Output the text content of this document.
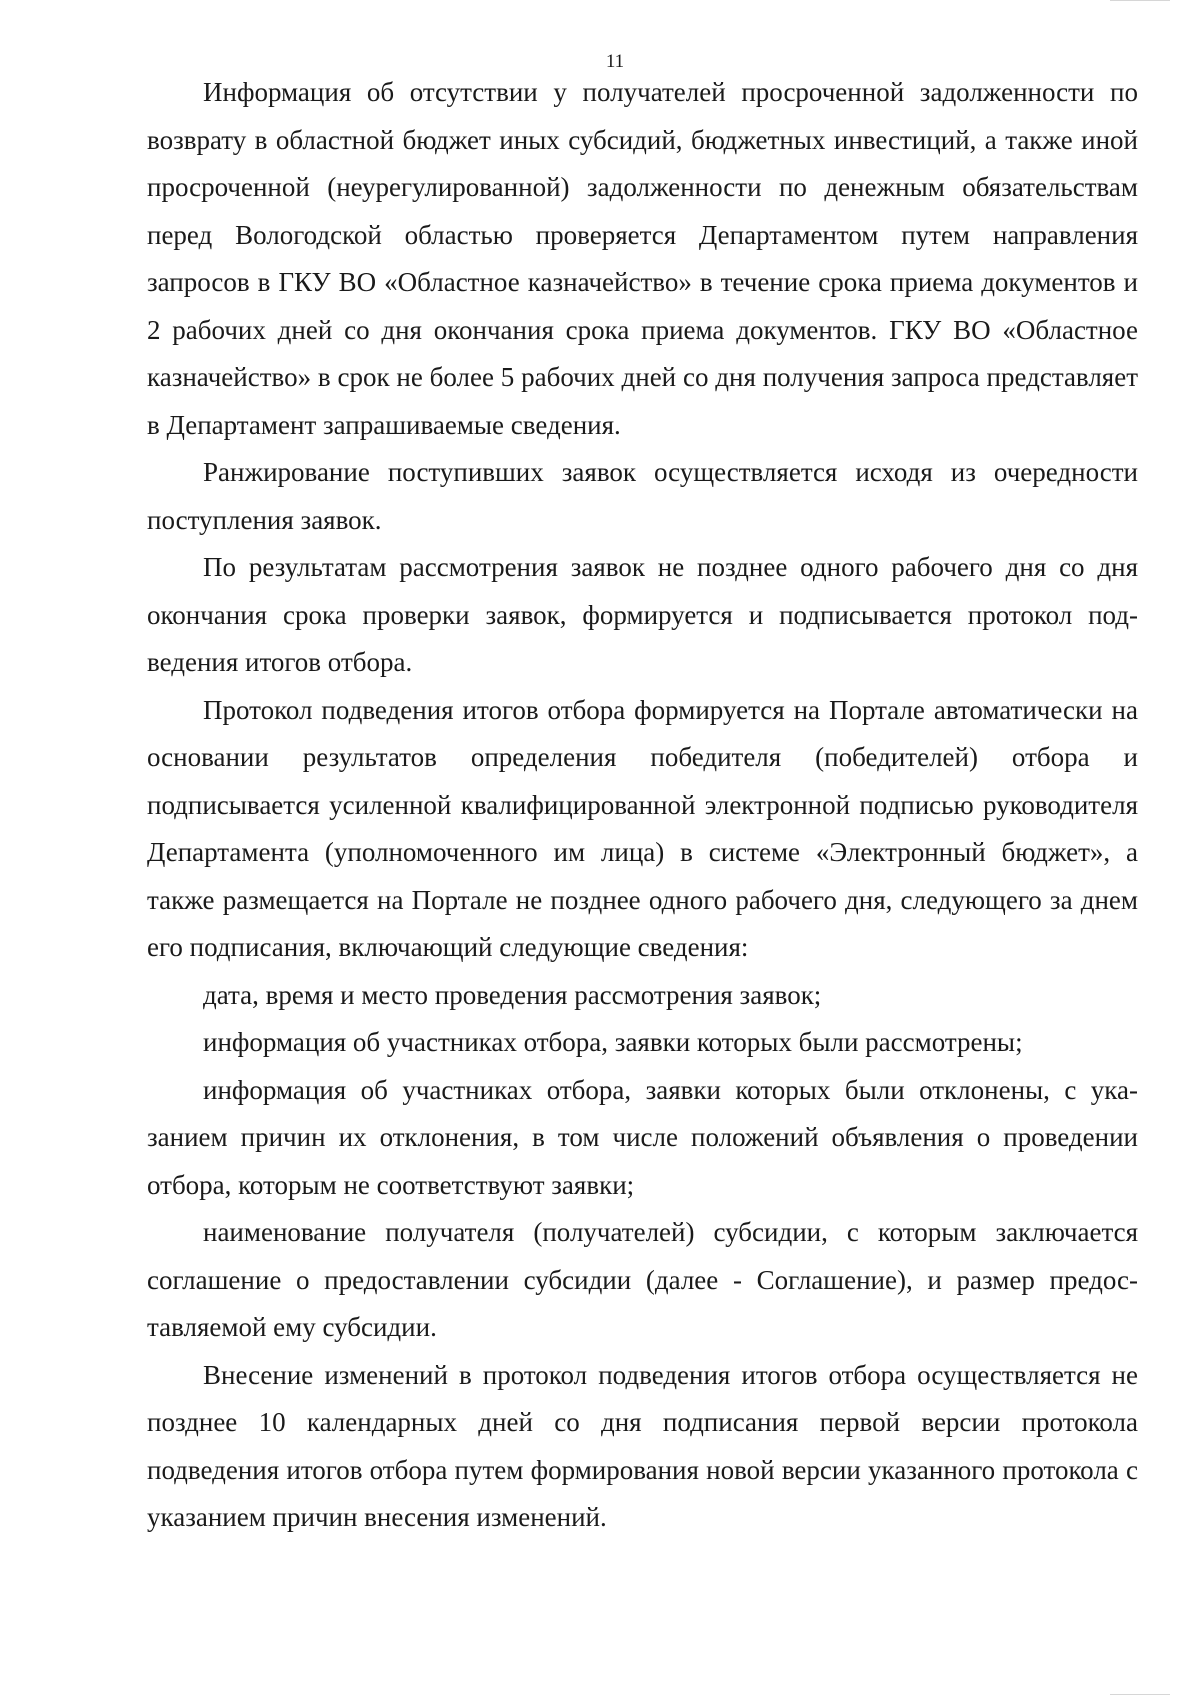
11

Информация об отсутствии у получателей просроченной задолженности по возврату в областной бюджет иных субсидий, бюджетных инвестиций, а также иной просроченной (неурегулированной) задолженности по денежным обязательствам перед Вологодской областью проверяется Департаментом путем направления запросов в ГКУ ВО «Областное казначейство» в течение срока приема документов и 2 рабочих дней со дня окончания срока приема документов. ГКУ ВО «Областное казначейство» в срок не более 5 рабочих дней со дня получения запроса представляет в Департамент запрашиваемые сведения.

Ранжирование поступивших заявок осуществляется исходя из очередности поступления заявок.

По результатам рассмотрения заявок не позднее одного рабочего дня со дня окончания срока проверки заявок, формируется и подписывается протокол подведения итогов отбора.

Протокол подведения итогов отбора формируется на Портале автоматически на основании результатов определения победителя (победителей) отбора и подписывается усиленной квалифицированной электронной подписью руководителя Департамента (уполномоченного им лица) в системе «Электронный бюджет», а также размещается на Портале не позднее одного рабочего дня, следующего за днем его подписания, включающий следующие сведения:

дата, время и место проведения рассмотрения заявок;

информация об участниках отбора, заявки которых были рассмотрены;

информация об участниках отбора, заявки которых были отклонены, с указанием причин их отклонения, в том числе положений объявления о проведении отбора, которым не соответствуют заявки;

наименование получателя (получателей) субсидии, с которым заключается соглашение о предоставлении субсидии (далее - Соглашение), и размер предоставляемой ему субсидии.

Внесение изменений в протокол подведения итогов отбора осуществляется не позднее 10 календарных дней со дня подписания первой версии протокола подведения итогов отбора путем формирования новой версии указанного протокола с указанием причин внесения изменений.
